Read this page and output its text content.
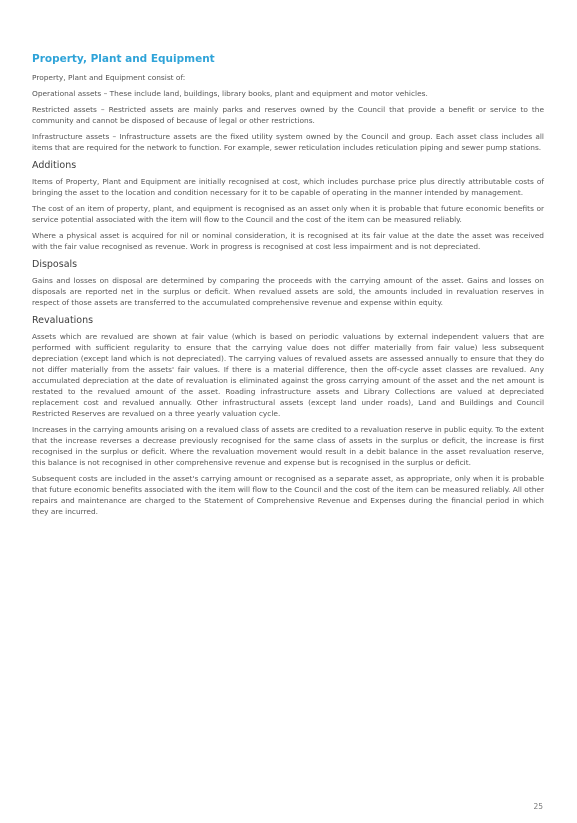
Property, Plant and Equipment

Property, Plant and Equipment consist of:

Operational assets – These include land, buildings, library books, plant and equipment and motor vehicles.

Restricted assets – Restricted assets are mainly parks and reserves owned by the Council that provide a benefit or service to the community and cannot be disposed of because of legal or other restrictions.

Infrastructure assets – Infrastructure assets are the fixed utility system owned by the Council and group. Each asset class includes all items that are required for the network to function. For example, sewer reticulation includes reticulation piping and sewer pump stations.

Additions

Items of Property, Plant and Equipment are initially recognised at cost, which includes purchase price plus directly attributable costs of bringing the asset to the location and condition necessary for it to be capable of operating in the manner intended by management.

The cost of an item of property, plant, and equipment is recognised as an asset only when it is probable that future economic benefits or service potential associated with the item will flow to the Council and the cost of the item can be measured reliably.

Where a physical asset is acquired for nil or nominal consideration, it is recognised at its fair value at the date the asset was received with the fair value recognised as revenue. Work in progress is recognised at cost less impairment and is not depreciated.

Disposals

Gains and losses on disposal are determined by comparing the proceeds with the carrying amount of the asset. Gains and losses on disposals are reported net in the surplus or deficit. When revalued assets are sold, the amounts included in revaluation reserves in respect of those assets are transferred to the accumulated comprehensive revenue and expense within equity.

Revaluations

Assets which are revalued are shown at fair value (which is based on periodic valuations by external independent valuers that are performed with sufficient regularity to ensure that the carrying value does not differ materially from fair value) less subsequent depreciation (except land which is not depreciated). The carrying values of revalued assets are assessed annually to ensure that they do not differ materially from the assets' fair values. If there is a material difference, then the off-cycle asset classes are revalued. Any accumulated depreciation at the date of revaluation is eliminated against the gross carrying amount of the asset and the net amount is restated to the revalued amount of the asset. Roading infrastructure assets and Library Collections are valued at depreciated replacement cost and revalued annually. Other infrastructural assets (except land under roads), Land and Buildings and Council Restricted Reserves are revalued on a three yearly valuation cycle.

Increases in the carrying amounts arising on a revalued class of assets are credited to a revaluation reserve in public equity. To the extent that the increase reverses a decrease previously recognised for the same class of assets in the surplus or deficit, the increase is first recognised in the surplus or deficit. Where the revaluation movement would result in a debit balance in the asset revaluation reserve, this balance is not recognised in other comprehensive revenue and expense but is recognised in the surplus or deficit.

Subsequent costs are included in the asset's carrying amount or recognised as a separate asset, as appropriate, only when it is probable that future economic benefits associated with the item will flow to the Council and the cost of the item can be measured reliably. All other repairs and maintenance are charged to the Statement of Comprehensive Revenue and Expenses during the financial period in which they are incurred.

25
